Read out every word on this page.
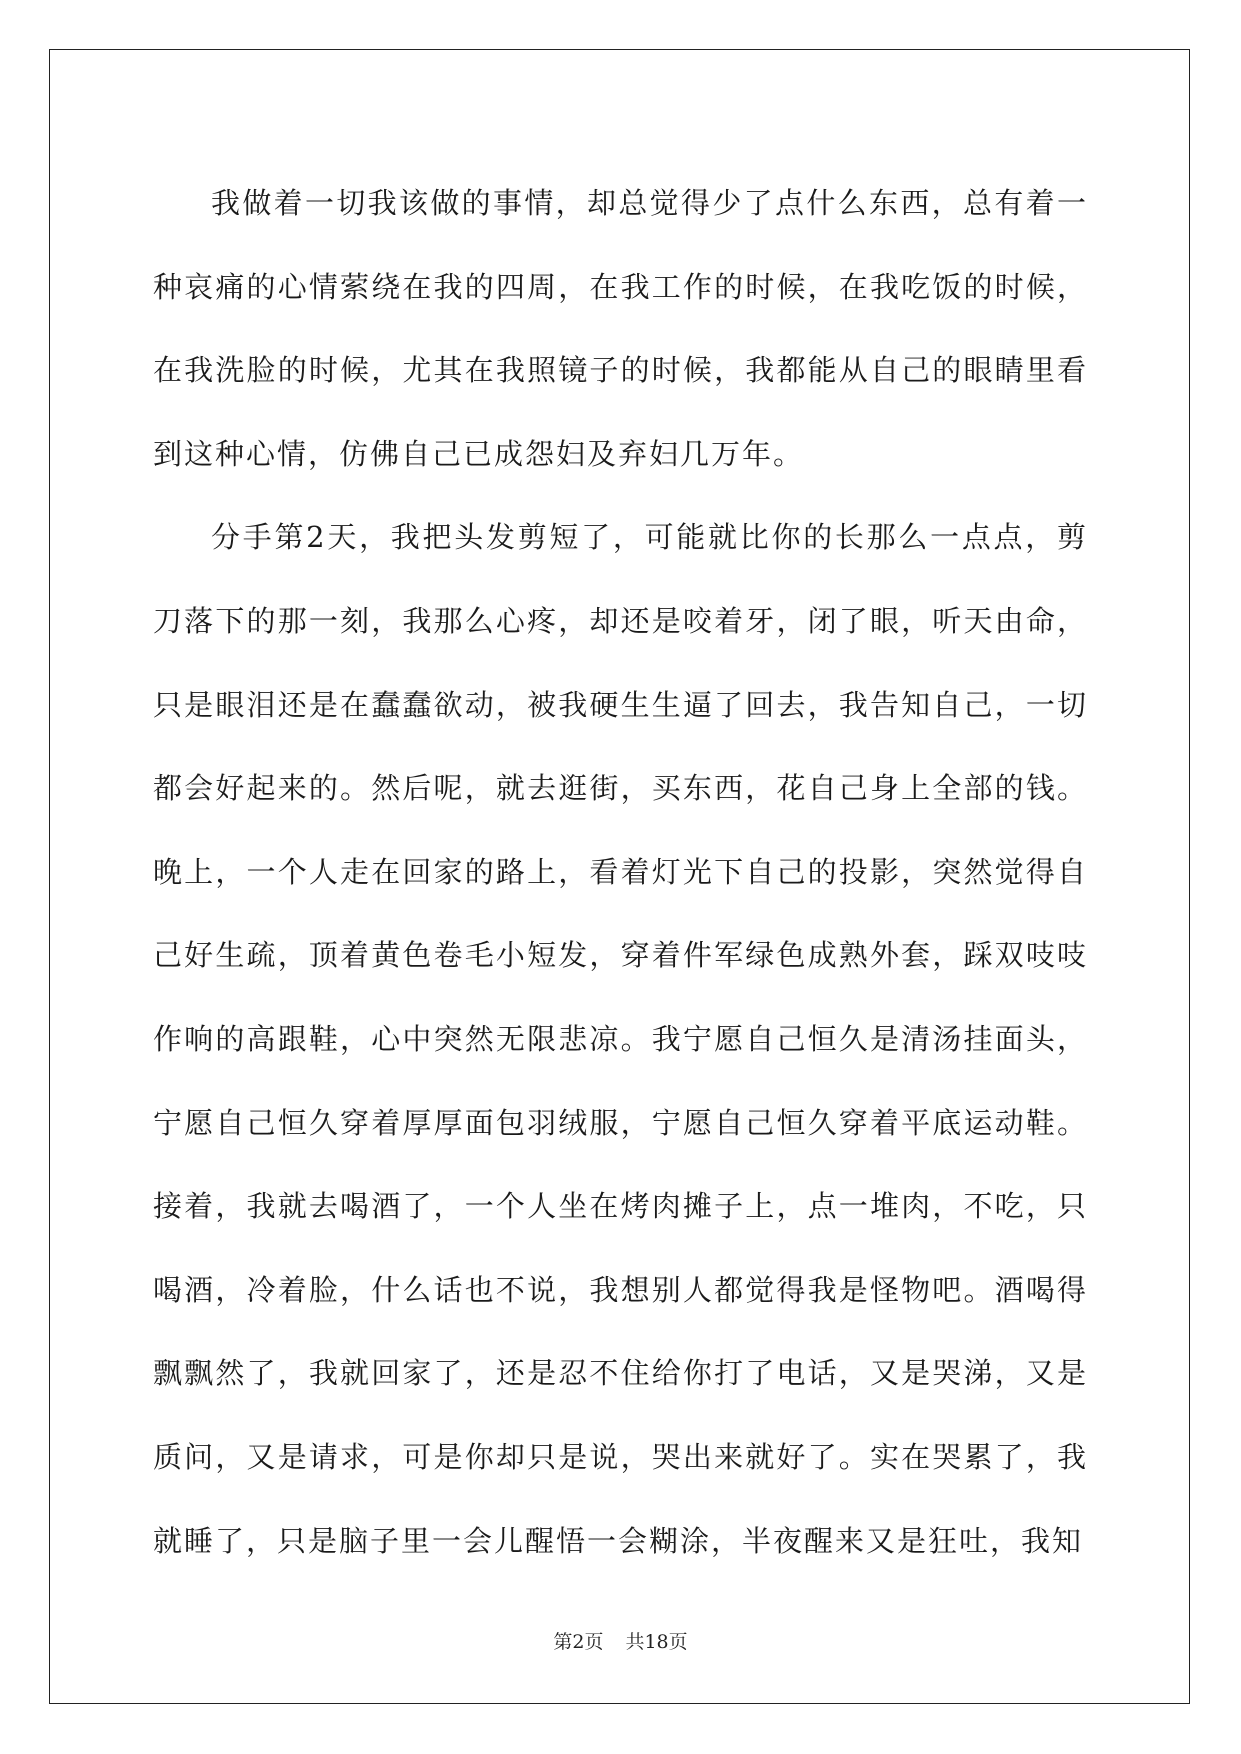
我做着一切我该做的事情，却总觉得少了点什么东西，总有着一种哀痛的心情萦绕在我的四周，在我工作的时候，在我吃饭的时候，在我洗脸的时候，尤其在我照镜子的时候，我都能从自己的眼睛里看到这种心情，仿佛自己已成怨妇及弃妇几万年。

分手第2天，我把头发剪短了，可能就比你的长那么一点点，剪刀落下的那一刻，我那么心疼，却还是咬着牙，闭了眼，听天由命，只是眼泪还是在蠢蠢欲动，被我硬生生逼了回去，我告知自己，一切都会好起来的。然后呢，就去逛街，买东西，花自己身上全部的钱。晚上，一个人走在回家的路上，看着灯光下自己的投影，突然觉得自己好生疏，顶着黄色卷毛小短发，穿着件军绿色成熟外套，踩双吱吱作响的高跟鞋，心中突然无限悲凉。我宁愿自己恒久是清汤挂面头，宁愿自己恒久穿着厚厚面包羽绒服，宁愿自己恒久穿着平底运动鞋。接着，我就去喝酒了，一个人坐在烤肉摊子上，点一堆肉，不吃，只喝酒，冷着脸，什么话也不说，我想别人都觉得我是怪物吧。酒喝得飘飘然了，我就回家了，还是忍不住给你打了电话，又是哭涕，又是质问，又是请求，可是你却只是说，哭出来就好了。实在哭累了，我就睡了，只是脑子里一会儿醒悟一会糊涂，半夜醒来又是狂吐，我知

第2页 共18页
